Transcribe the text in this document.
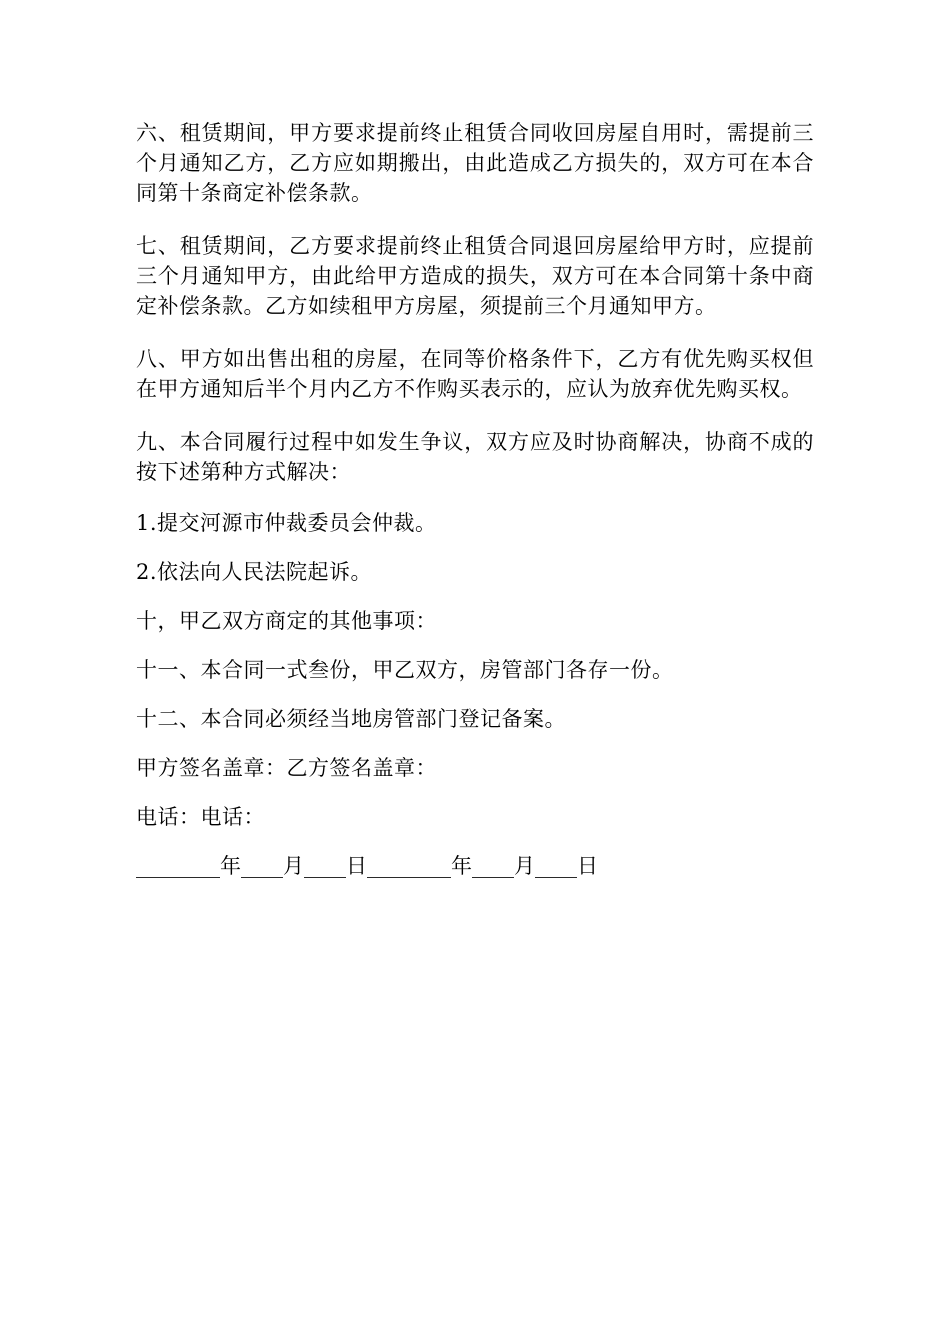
六、租赁期间，甲方要求提前终止租赁合同收回房屋自用时，需提前三个月通知乙方，乙方应如期搬出，由此造成乙方损失的，双方可在本合同第十条商定补偿条款。

七、租赁期间，乙方要求提前终止租赁合同退回房屋给甲方时，应提前三个月通知甲方，由此给甲方造成的损失，双方可在本合同第十条中商定补偿条款。乙方如续租甲方房屋，须提前三个月通知甲方。

八、甲方如出售出租的房屋，在同等价格条件下，乙方有优先购买权但在甲方通知后半个月内乙方不作购买表示的，应认为放弃优先购买权。

九、本合同履行过程中如发生争议，双方应及时协商解决，协商不成的按下述第种方式解决：

1.提交河源市仲裁委员会仲裁。

2.依法向人民法院起诉。

十，甲乙双方商定的其他事项：

十一、本合同一式叁份，甲乙双方，房管部门各存一份。

十二、本合同必须经当地房管部门登记备案。

甲方签名盖章：乙方签名盖章：

电话：电话：

________年____月____日________年____月____日
